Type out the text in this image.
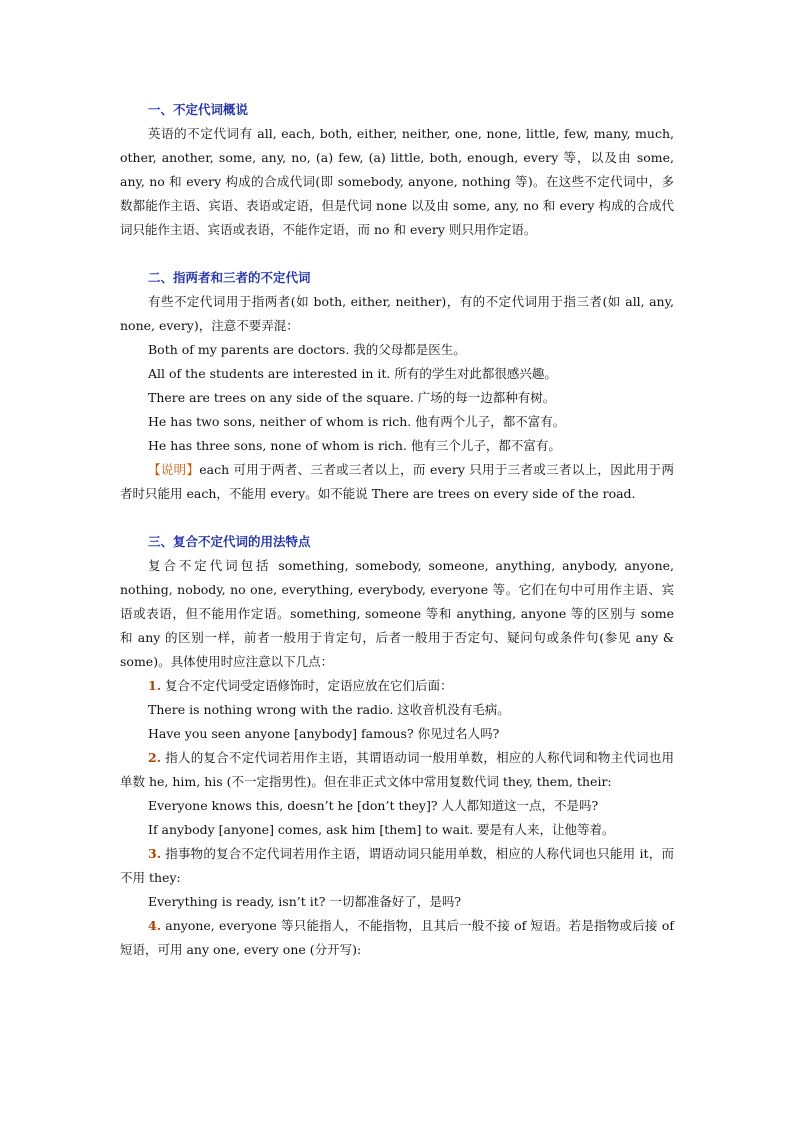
一、不定代词概说

英语的不定代词有 all, each, both, either, neither, one, none, little, few, many, much, other, another, some, any, no, (a) few, (a) little, both, enough, every 等，以及由 some, any, no 和 every 构成的合成代词(即 somebody, anyone, nothing 等)。在这些不定代词中，多数都能作主语、宾语、表语或定语，但是代词 none 以及由 some, any, no 和 every 构成的合成代词只能作主语、宾语或表语，不能作定语，而 no 和 every 则只用作定语。

二、指两者和三者的不定代词

有些不定代词用于指两者(如 both, either, neither)，有的不定代词用于指三者(如 all, any, none, every)，注意不要弄混：

Both of my parents are doctors. 我的父母都是医生。

All of the students are interested in it. 所有的学生对此都很感兴趣。

There are trees on any side of the square. 广场的每一边都种有树。

He has two sons, neither of whom is rich. 他有两个儿子，都不富有。

He has three sons, none of whom is rich. 他有三个儿子，都不富有。

【说明】each 可用于两者、三者或三者以上，而 every 只用于三者或三者以上，因此用于两者时只能用 each，不能用 every。如不能说 There are trees on every side of the road.

三、复合不定代词的用法特点

复合不定代词包括 something, somebody, someone, anything, anybody, anyone, nothing, nobody, no one, everything, everybody, everyone 等。它们在句中可用作主语、宾语或表语，但不能用作定语。something, someone 等和 anything, anyone 等的区别与 some 和 any 的区别一样，前者一般用于肯定句，后者一般用于否定句、疑问句或条件句(参见 any & some)。具体使用时应注意以下几点：

1. 复合不定代词受定语修饰时，定语应放在它们后面：

There is nothing wrong with the radio. 这收音机没有毛病。

Have you seen anyone [anybody] famous? 你见过名人吗?

2. 指人的复合不定代词若用作主语，其谓语动词一般用单数，相应的人称代词和物主代词也用单数 he, him, his (不一定指男性)。但在非正式文体中常用复数代词 they, them, their:

Everyone knows this, doesn’t he [don’t they]? 人人都知道这一点，不是吗?

If anybody [anyone] comes, ask him [them] to wait. 要是有人来，让他等着。

3. 指事物的复合不定代词若用作主语，谓语动词只能用单数，相应的人称代词也只能用 it，而不用 they:

Everything is ready, isn’t it? 一切都准备好了，是吗?

4. anyone, everyone 等只能指人，不能指物，且其后一般不接 of 短语。若是指物或后接 of 短语，可用 any one, every one (分开写):
